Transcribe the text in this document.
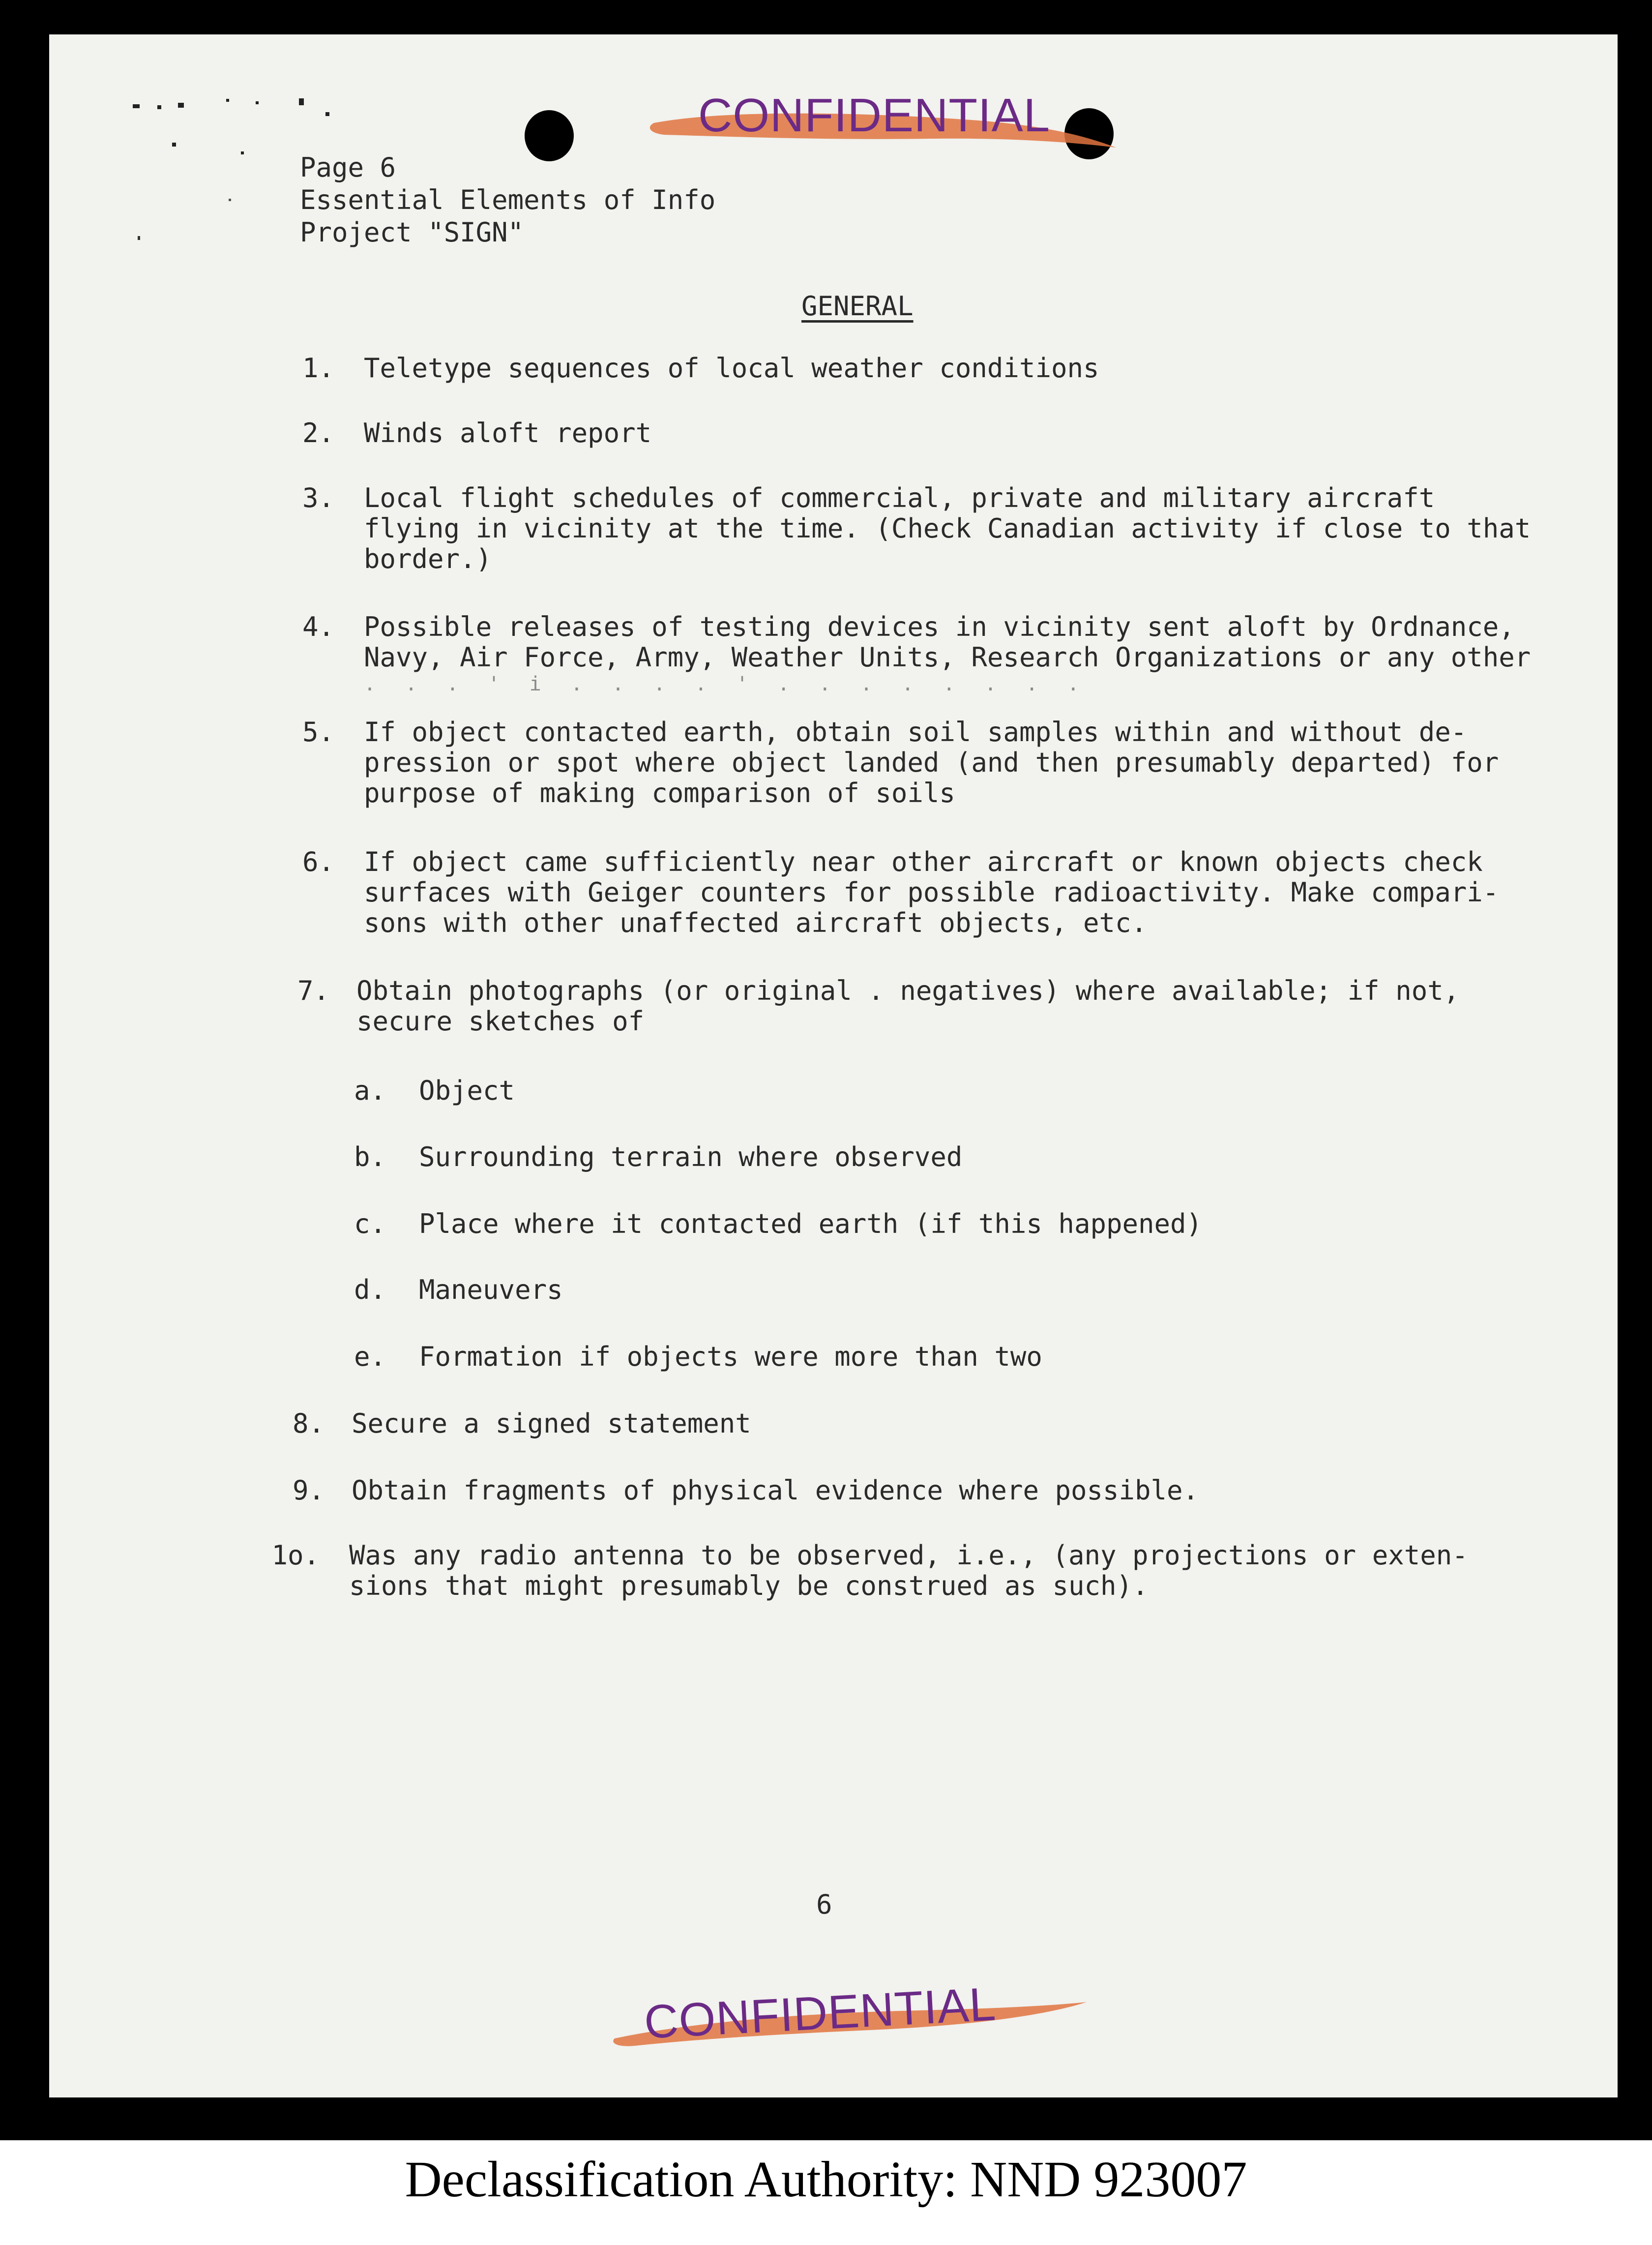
CONFIDENTIAL
Page 6
Essential Elements of Info
Project "SIGN"
GENERAL
1. Teletype sequences of local weather conditions
2. Winds aloft report
3. Local flight schedules of commercial, private and military aircraft
flying in vicinity at the time. (Check Canadian activity if close to that
border.)
4. Possible releases of testing devices in vicinity sent aloft by Ordnance,
Navy, Air Force, Army, Weather Units, Research Organizations or any other
. . . ' i . . . . ' . . . . . . . .
5. If object contacted earth, obtain soil samples within and without de-
pression or spot where object landed (and then presumably departed) for
purpose of making comparison of soils
6. If object came sufficiently near other aircraft or known objects check
surfaces with Geiger counters for possible radioactivity. Make compari-
sons with other unaffected aircraft objects, etc.
7. Obtain photographs (or original . negatives) where available; if not,
secure sketches of
a. Object
b. Surrounding terrain where observed
c. Place where it contacted earth (if this happened)
d. Maneuvers
e. Formation if objects were more than two
8. Secure a signed statement
9. Obtain fragments of physical evidence where possible.
1o. Was any radio antenna to be observed, i.e., (any projections or exten-
sions that might presumably be construed as such).
6
CONFIDENTIAL
Declassification Authority: NND 923007
